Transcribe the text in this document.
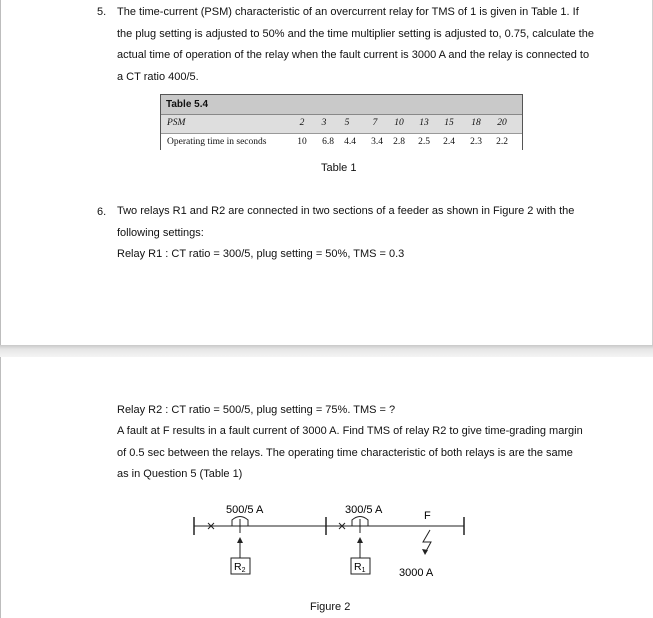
5. The time-current (PSM) characteristic of an overcurrent relay for TMS of 1 is given in Table 1. If the plug setting is adjusted to 50% and the time multiplier setting is adjusted to, 0.75, calculate the actual time of operation of the relay when the fault current is 3000 A and the relay is connected to a CT ratio 400/5.

Table 5.4
PSM	2	3	5	7	10	13	15	18	20
Operating time in seconds	10	6.8	4.4	3.4	2.8	2.5	2.4	2.3	2.2
Table 1
6. Two relays R1 and R2 are connected in two sections of a feeder as shown in Figure 2 with the following settings:

Relay R1 : CT ratio = 300/5, plug setting = 50%, TMS = 0.3
Relay R2 : CT ratio = 500/5, plug setting = 75%. TMS = ?

A fault at F results in a fault current of 3000 A. Find TMS of relay R2 to give time-grading margin of 0.5 sec between the relays. The operating time characteristic of both relays is are the same as in Question 5 (Table 1)

Figure 2
500/5 A	300/5 A	F
R2	R1	3000 A
